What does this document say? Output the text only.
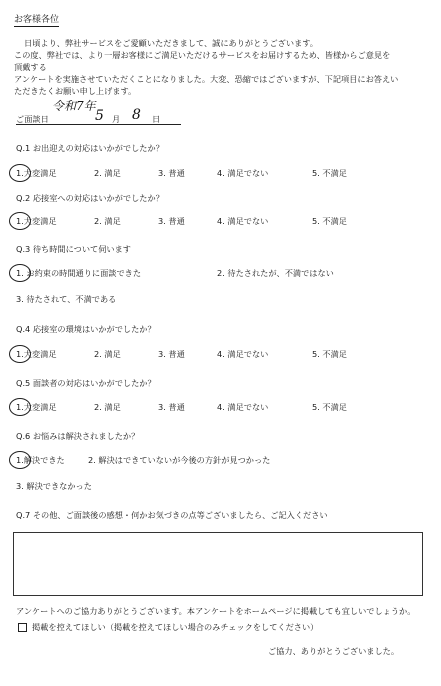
お客様各位
日頃より、弊社サービスをご愛顧いただきまして、誠にありがとうございます。
この度、弊社では、より一層お客様にご満足いただけるサービスをお届けするため、皆様からご意見を
頂戴する
アンケートを実施させていただくことになりました。大変、恐縮ではございますが、下記項目にお答えい
ただきたくお願い申し上げます。
ご面談日
令和7年
5 月 8 日
Q.1 お出迎えの対応はいかがでしたか？
1.大変満足	2. 満足	3. 普通	4. 満足でない	5. 不満足
Q.2 応接室への対応はいかがでしたか？
1.大変満足	2. 満足	3. 普通	4. 満足でない	5. 不満足
Q.3 待ち時間について伺います
1. お約束の時間通りに面談できた	2. 待たされたが、不満ではない
3. 待たされて、不満である
Q.4 応接室の環境はいかがでしたか？
1.大変満足	2. 満足	3. 普通	4. 満足でない	5. 不満足
Q.5 面談者の対応はいかがでしたか？
1.大変満足	2. 満足	3. 普通	4. 満足でない	5. 不満足
Q.6 お悩みは解決されましたか？
1.解決できた	2. 解決はできていないが今後の方針が見つかった
3. 解決できなかった
Q.7 その他、ご面談後の感想・何かお気づきの点等ございましたら、ご記入ください
アンケートへのご協力ありがとうございます。本アンケートをホームページに掲載しても宜しいでしょうか。
掲載を控えてほしい（掲載を控えてほしい場合のみチェックをしてください）
ご協力、ありがとうございました。
